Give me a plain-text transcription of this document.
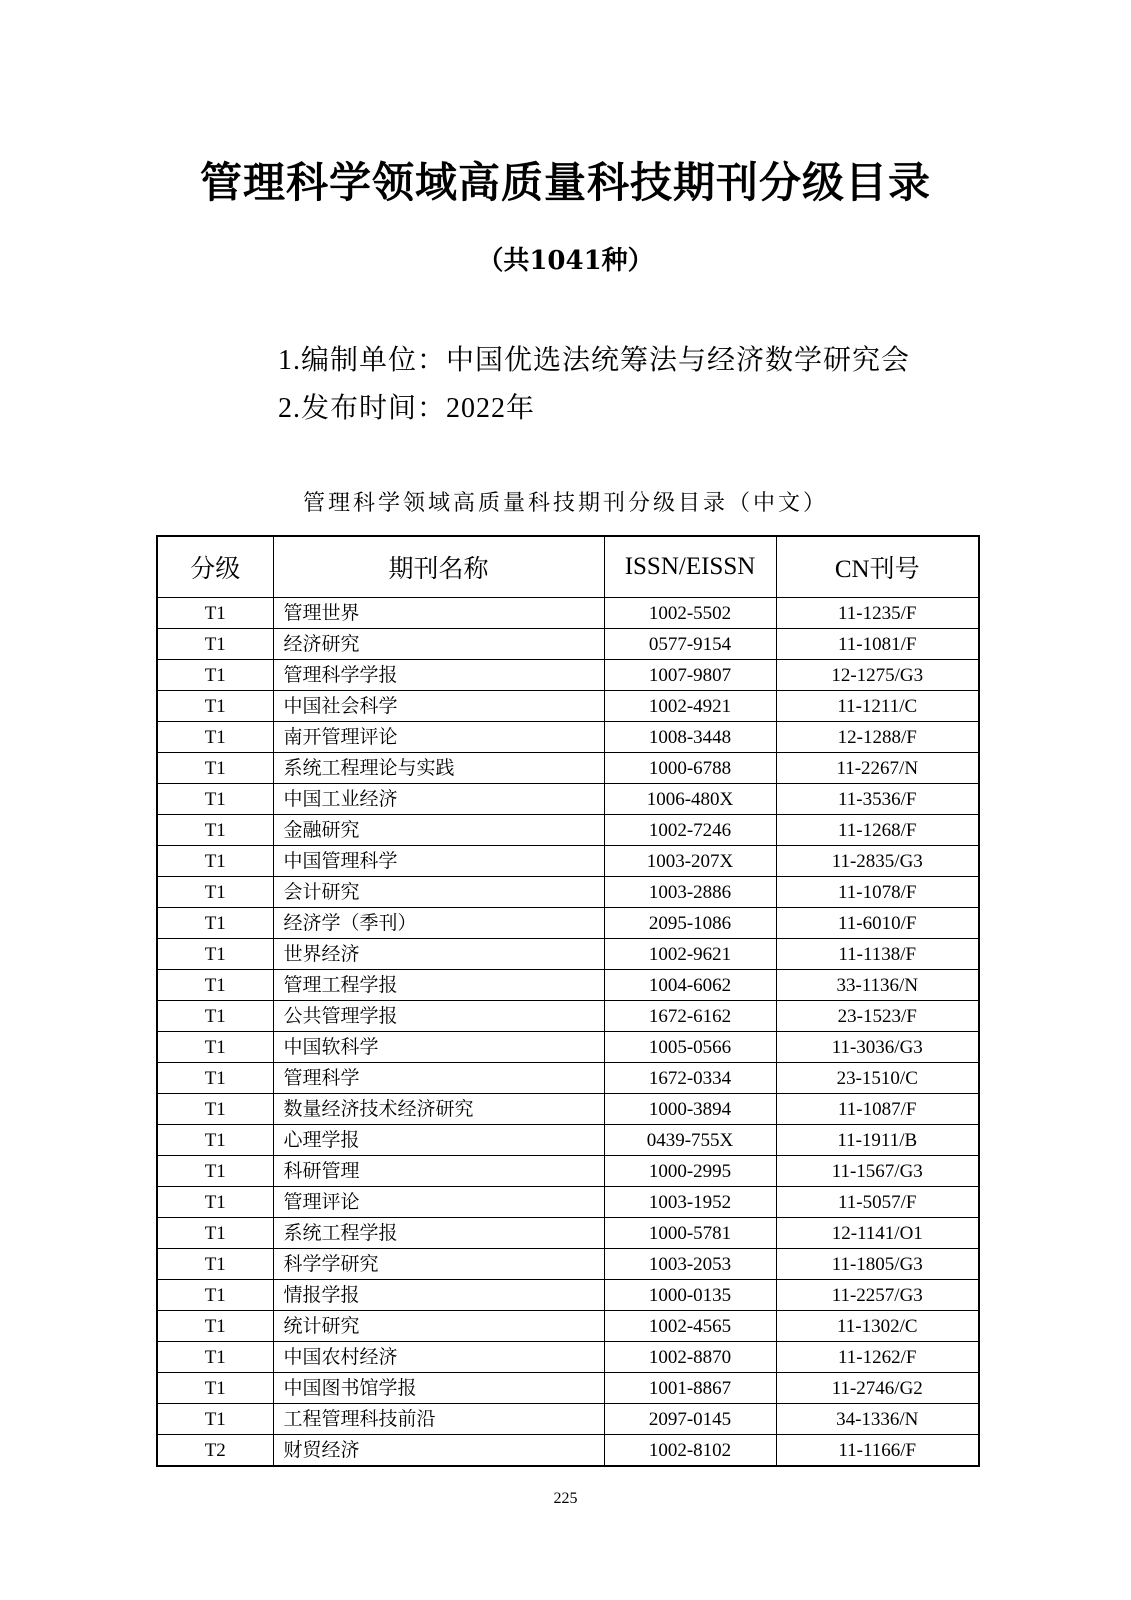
管理科学领域高质量科技期刊分级目录
（共1041种）
1.编制单位：中国优选法统筹法与经济数学研究会
2.发布时间：2022年
管理科学领域高质量科技期刊分级目录（中文）
分级	期刊名称	ISSN/EISSN	CN刊号
T1	管理世界	1002-5502	11-1235/F
T1	经济研究	0577-9154	11-1081/F
T1	管理科学学报	1007-9807	12-1275/G3
T1	中国社会科学	1002-4921	11-1211/C
T1	南开管理评论	1008-3448	12-1288/F
T1	系统工程理论与实践	1000-6788	11-2267/N
T1	中国工业经济	1006-480X	11-3536/F
T1	金融研究	1002-7246	11-1268/F
T1	中国管理科学	1003-207X	11-2835/G3
T1	会计研究	1003-2886	11-1078/F
T1	经济学（季刊）	2095-1086	11-6010/F
T1	世界经济	1002-9621	11-1138/F
T1	管理工程学报	1004-6062	33-1136/N
T1	公共管理学报	1672-6162	23-1523/F
T1	中国软科学	1005-0566	11-3036/G3
T1	管理科学	1672-0334	23-1510/C
T1	数量经济技术经济研究	1000-3894	11-1087/F
T1	心理学报	0439-755X	11-1911/B
T1	科研管理	1000-2995	11-1567/G3
T1	管理评论	1003-1952	11-5057/F
T1	系统工程学报	1000-5781	12-1141/O1
T1	科学学研究	1003-2053	11-1805/G3
T1	情报学报	1000-0135	11-2257/G3
T1	统计研究	1002-4565	11-1302/C
T1	中国农村经济	1002-8870	11-1262/F
T1	中国图书馆学报	1001-8867	11-2746/G2
T1	工程管理科技前沿	2097-0145	34-1336/N
T2	财贸经济	1002-8102	11-1166/F
225
